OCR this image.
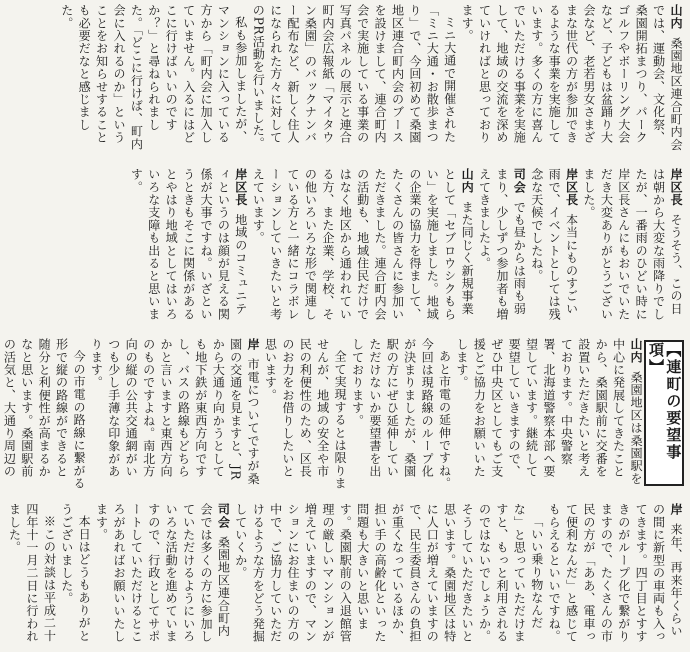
山内桑園地区連合町内会では、運動会、文化祭、桑園開拓まつり、パークゴルフやボーリング大会など、子どもは盆踊り大会など、老若男女さまざまな世代の方が参加できるような事業を実施しています。多くの方に喜んでいただける事業を実施して、地域の交流を深めていければと思っております。

ミニ大通で開催された「ミニ大通・お散歩まつり」で、今回初めて桑園地区連合町内会のブースを設けまして、連合町内会で実施している事業の写真パネルの展示と連合町内会広報紙「マイタウン桑園」のバックナンバー配布など、新しく住人になられた方々に対してのPR活動を行いました。

私も参加しましたが、マンションに入っている方から「町内会に加入していません。入るにはどこに行けばいいのですか？」と尋ねられました。「どこに行けば、町内会に入れるのか」ということをお知らせすることも必要だなと感じました。

岸区長そうそう、この日は朝から大変な雨降りでしたが、一番雨のひどい時に岸区長さんにもおいでいただき大変ありがとうございました。

岸区長本当にものすごい雨で、イベントとしては残念な天候でしたね。

司会でも昼からは雨も弱まり、少しずつ参加者も増えてきましたよ。

山内また同じく新規事業として「セブロウシクもらい」を実施しました。地域の企業の協力を得まして、たくさんの皆さんに参加いただきました。連合町内会の活動も、地域住民だけではなく地区から通われている方、また企業、学校、その他いろいろな形で関連している方と一緒にコラボレーションしていきたいと考えています。

岸区長地域のコミュニティというのは顔が見える関係が大事ですね。いざというときもそこに関係があるとやはり地域としてはいろいろな支障も出ると思います。

【連町の要望事項】

山内桑園地区は桑園駅を中心に発展してきたことから、桑園駅前に交番を設置いただきたいと考えております。中央警察署、北海道警察本部へ要望しています。継続して要望していきますので、ぜひ中央区としてもご支援とご協力をお願いいたします。

あと市電の延伸ですね。今回は現路線のループ化が決まりましたが、桑園駅の方にぜひ延伸していただけないか要望書を出しております。

全て実現するとは限りませんが、地域の安全や市民の利便性のため、区長のお力をお借りしたいと思います。

岸市電についてですが桑園の交通を見ますと、JRから大通り向かうとしても地下鉄が東西方向ですし、バスの路線もどちらかと言いますと東西方向のものですよね。南北方向の縦の公共交通網がいつも少し手薄な印象があります。

今の市電の路線に繋がる形で縦の路線ができると随分と利便性が高まるかなと思います。桑園駅前の活気と、大通り周辺の

岸来年、再来年くらいの間に新型の車両も入ってきます。四丁目とすすきのがループ化で繋がりますので、たくさんの市民の方が「ああ、電車って便利なんだ」と感じてもらえるといいですね。

「いい乗り物なんだな」と思っていただけますと、もっと利用されるのではないでしょうか。そうしていただきたいと思います。桑園地区は特に人口が増えていますので、民生委員さんの負担が重くなっているほか、担い手の高齢化といった問題も大きいと思います。桑園駅前の入退館管理の厳しいマンションが増えていますので、マンションにお住まいの方の中で、ご協力していただけるような方をどう発掘していくか。

司会桑園地区連合町内会では多くの方に参加していただけるようにいろいろな活動を進めていますので、行政としてサポートしていただけるところがあればお願いいたします。

本日はどうもありがとうございました。

※この対談は平成二十四年十一月二日に行われました。
